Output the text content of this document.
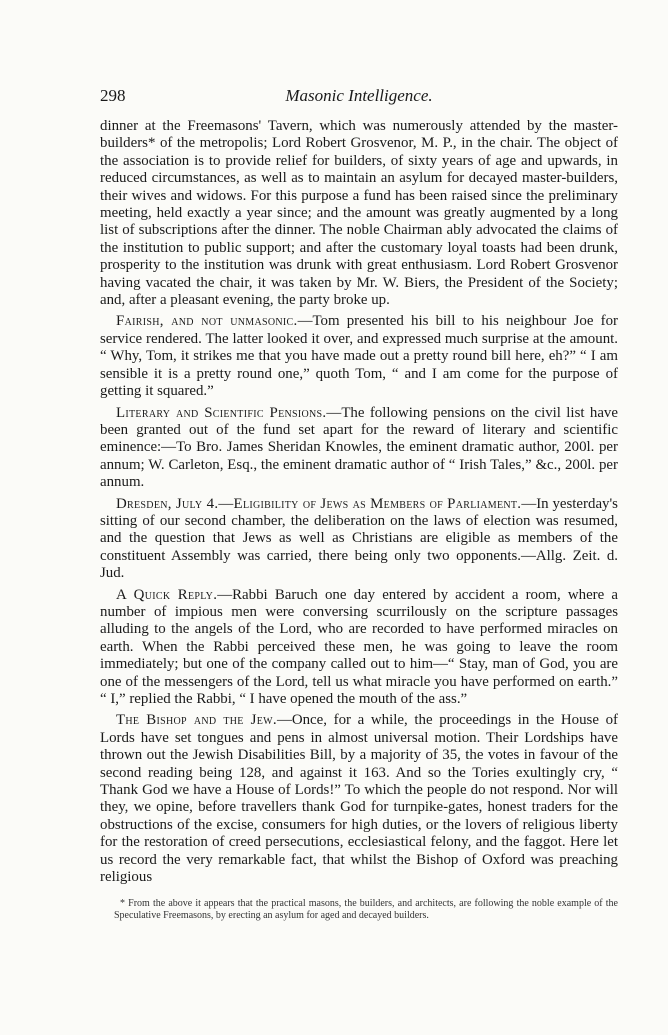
298	Masonic Intelligence.

dinner at the Freemasons' Tavern, which was numerously attended by the master-builders* of the metropolis; Lord Robert Grosvenor, M. P., in the chair. The object of the association is to provide relief for builders, of sixty years of age and upwards, in reduced circumstances, as well as to maintain an asylum for decayed master-builders, their wives and widows. For this purpose a fund has been raised since the preliminary meeting, held exactly a year since; and the amount was greatly augmented by a long list of subscriptions after the dinner. The noble Chairman ably advocated the claims of the institution to public support; and after the customary loyal toasts had been drunk, prosperity to the institution was drunk with great enthusiasm. Lord Robert Grosvenor having vacated the chair, it was taken by Mr. W. Biers, the President of the Society; and, after a pleasant evening, the party broke up.

Fairish, and not unmasonic.—Tom presented his bill to his neighbour Joe for service rendered. The latter looked it over, and expressed much surprise at the amount. “ Why, Tom, it strikes me that you have made out a pretty round bill here, eh?” “ I am sensible it is a pretty round one,” quoth Tom, “ and I am come for the purpose of getting it squared.”

Literary and Scientific Pensions.—The following pensions on the civil list have been granted out of the fund set apart for the reward of literary and scientific eminence:—To Bro. James Sheridan Knowles, the eminent dramatic author, 200l. per annum; W. Carleton, Esq., the eminent dramatic author of “ Irish Tales,” &c., 200l. per annum.

Dresden, July 4.—Eligibility of Jews as Members of Parliament.—In yesterday's sitting of our second chamber, the deliberation on the laws of election was resumed, and the question that Jews as well as Christians are eligible as members of the constituent Assembly was carried, there being only two opponents.—Allg. Zeit. d. Jud.

A Quick Reply.—Rabbi Baruch one day entered by accident a room, where a number of impious men were conversing scurrilously on the scripture passages alluding to the angels of the Lord, who are recorded to have performed miracles on earth. When the Rabbi perceived these men, he was going to leave the room immediately; but one of the company called out to him—“ Stay, man of God, you are one of the messengers of the Lord, tell us what miracle you have performed on earth.” “ I,” replied the Rabbi, “ I have opened the mouth of the ass.”

The Bishop and the Jew.—Once, for a while, the proceedings in the House of Lords have set tongues and pens in almost universal motion. Their Lordships have thrown out the Jewish Disabilities Bill, by a majority of 35, the votes in favour of the second reading being 128, and against it 163. And so the Tories exultingly cry, “ Thank God we have a House of Lords!” To which the people do not respond. Nor will they, we opine, before travellers thank God for turnpike-gates, honest traders for the obstructions of the excise, consumers for high duties, or the lovers of religious liberty for the restoration of creed persecutions, ecclesiastical felony, and the faggot. Here let us record the very remarkable fact, that whilst the Bishop of Oxford was preaching religious

* From the above it appears that the practical masons, the builders, and architects, are following the noble example of the Speculative Freemasons, by erecting an asylum for aged and decayed builders.
